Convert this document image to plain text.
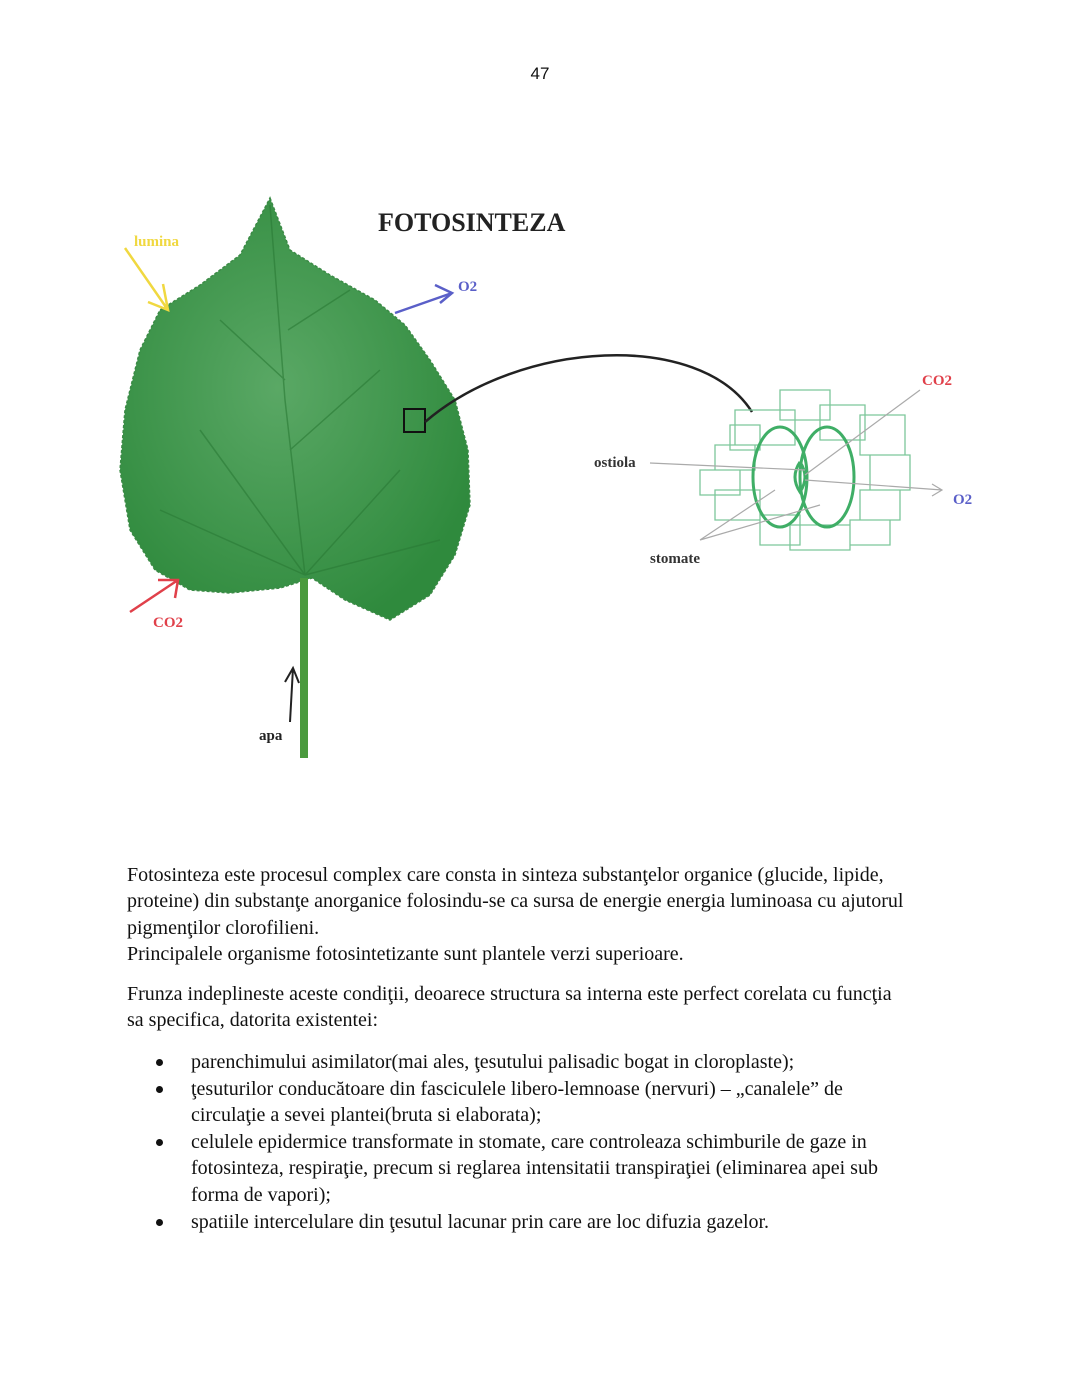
47
FOTOSINTEZA
lumina
O2
CO2
apa
ostiola
stomate
CO2
O2
Fotosinteza este procesul complex care consta in sinteza substanţelor organice (glucide, lipide,
proteine) din substanţe anorganice folosindu-se ca sursa de energie energia luminoasa cu ajutorul
pigmenţilor clorofilieni.
Principalele organisme fotosintetizante sunt plantele verzi superioare.
Frunza indeplineste aceste condiţii, deoarece structura sa interna este perfect corelata cu funcţia
sa specifica, datorita existentei:
parenchimului asimilator(mai ales, ţesutului palisadic bogat in cloroplaste);
ţesuturilor conducătoare din fasciculele libero-lemnoase (nervuri) – „canalele” de
circulaţie a sevei plantei(bruta si elaborata);
celulele epidermice transformate in stomate, care controleaza schimburile de gaze in
fotosinteza, respiraţie, precum si reglarea intensitatii transpiraţiei (eliminarea apei sub
forma de vapori);
spatiile intercelulare din ţesutul lacunar prin care are loc difuzia gazelor.
